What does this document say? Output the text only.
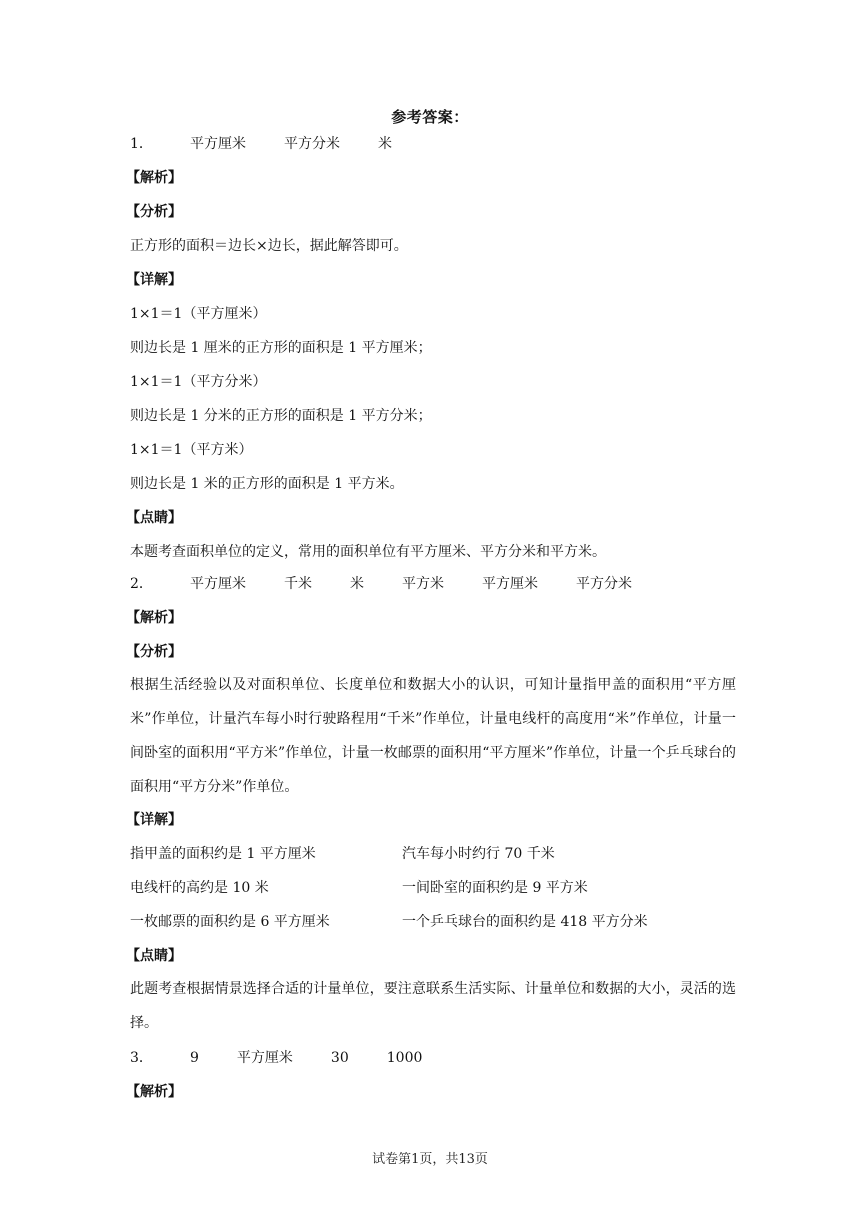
参考答案：
1．	平方厘米	平方分米	米
【解析】
【分析】
正方形的面积＝边长×边长，据此解答即可。
【详解】
1×1＝1（平方厘米）
则边长是 1 厘米的正方形的面积是 1 平方厘米；
1×1＝1（平方分米）
则边长是 1 分米的正方形的面积是 1 平方分米；
1×1＝1（平方米）
则边长是 1 米的正方形的面积是 1 平方米。
【点睛】
本题考查面积单位的定义，常用的面积单位有平方厘米、平方分米和平方米。
2．	平方厘米	千米	米	平方米	平方厘米	平方分米
【解析】
【分析】
根据生活经验以及对面积单位、长度单位和数据大小的认识，可知计量指甲盖的面积用“平方厘米”作单位，计量汽车每小时行驶路程用“千米”作单位，计量电线杆的高度用“米”作单位，计量一间卧室的面积用“平方米”作单位，计量一枚邮票的面积用“平方厘米”作单位，计量一个乒乓球台的面积用“平方分米”作单位。
【详解】
指甲盖的面积约是 1 平方厘米	汽车每小时约行 70 千米
电线杆的高约是 10 米	一间卧室的面积约是 9 平方米
一枚邮票的面积约是 6 平方厘米	一个乒乓球台的面积约是 418 平方分米
【点睛】
此题考查根据情景选择合适的计量单位，要注意联系生活实际、计量单位和数据的大小，灵活的选择。
3．	9	平方厘米	30	1000
【解析】
试卷第1页，共13页
